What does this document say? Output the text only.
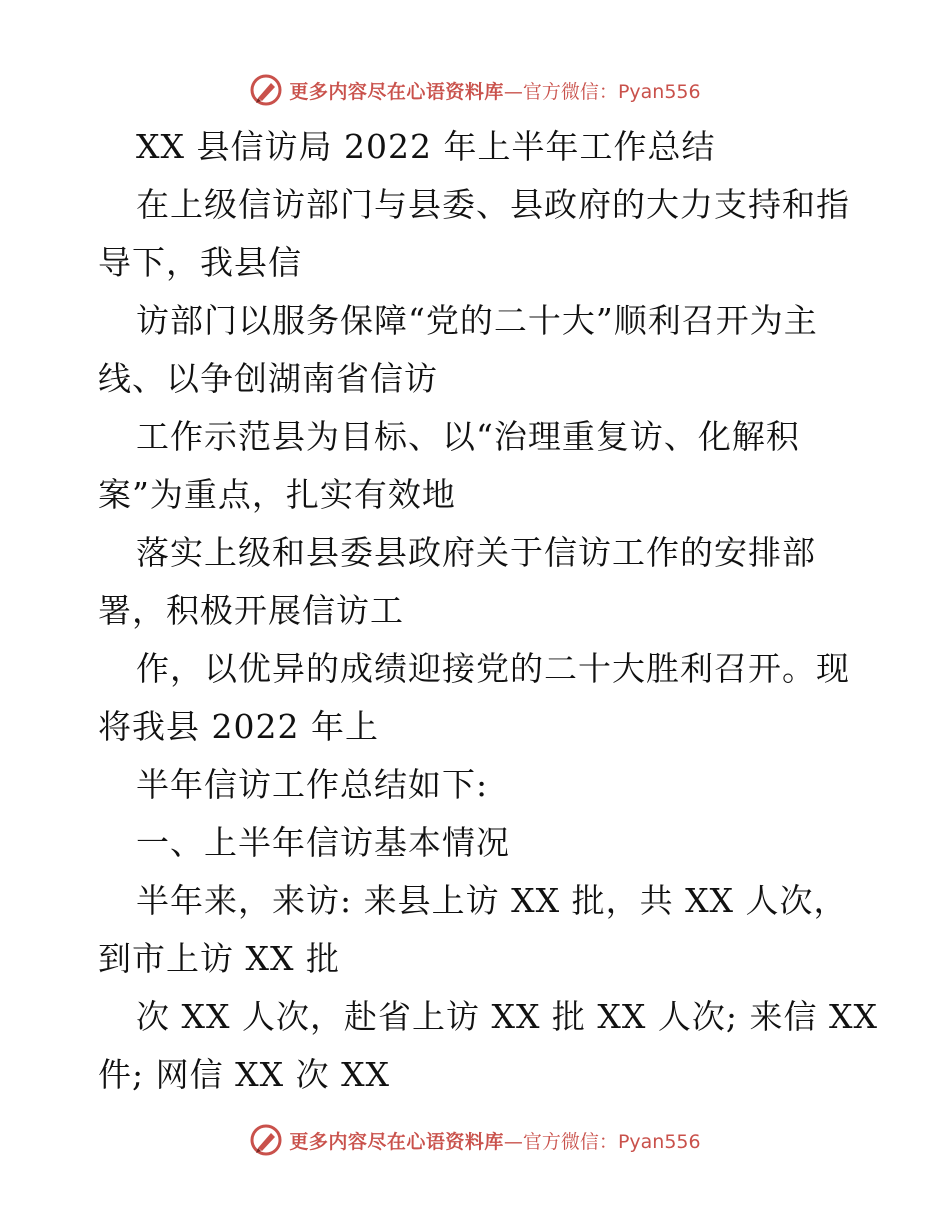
更多内容尽在心语资料库—官方微信：Pyan556
XX 县信访局 2022 年上半年工作总结
在上级信访部门与县委、县政府的大力支持和指
导下，我县信
访部门以服务保障“党的二十大”顺利召开为主
线、以争创湖南省信访
工作示范县为目标、以“治理重复访、化解积
案”为重点，扎实有效地
落实上级和县委县政府关于信访工作的安排部
署，积极开展信访工
作，以优异的成绩迎接党的二十大胜利召开。现
将我县 2022 年上
半年信访工作总结如下:
一、上半年信访基本情况
半年来，来访: 来县上访 XX 批，共 XX 人次，
到市上访 XX 批
次 XX 人次，赴省上访 XX 批 XX 人次; 来信 XX
件; 网信 XX 次 XX
更多内容尽在心语资料库—官方微信：Pyan556
